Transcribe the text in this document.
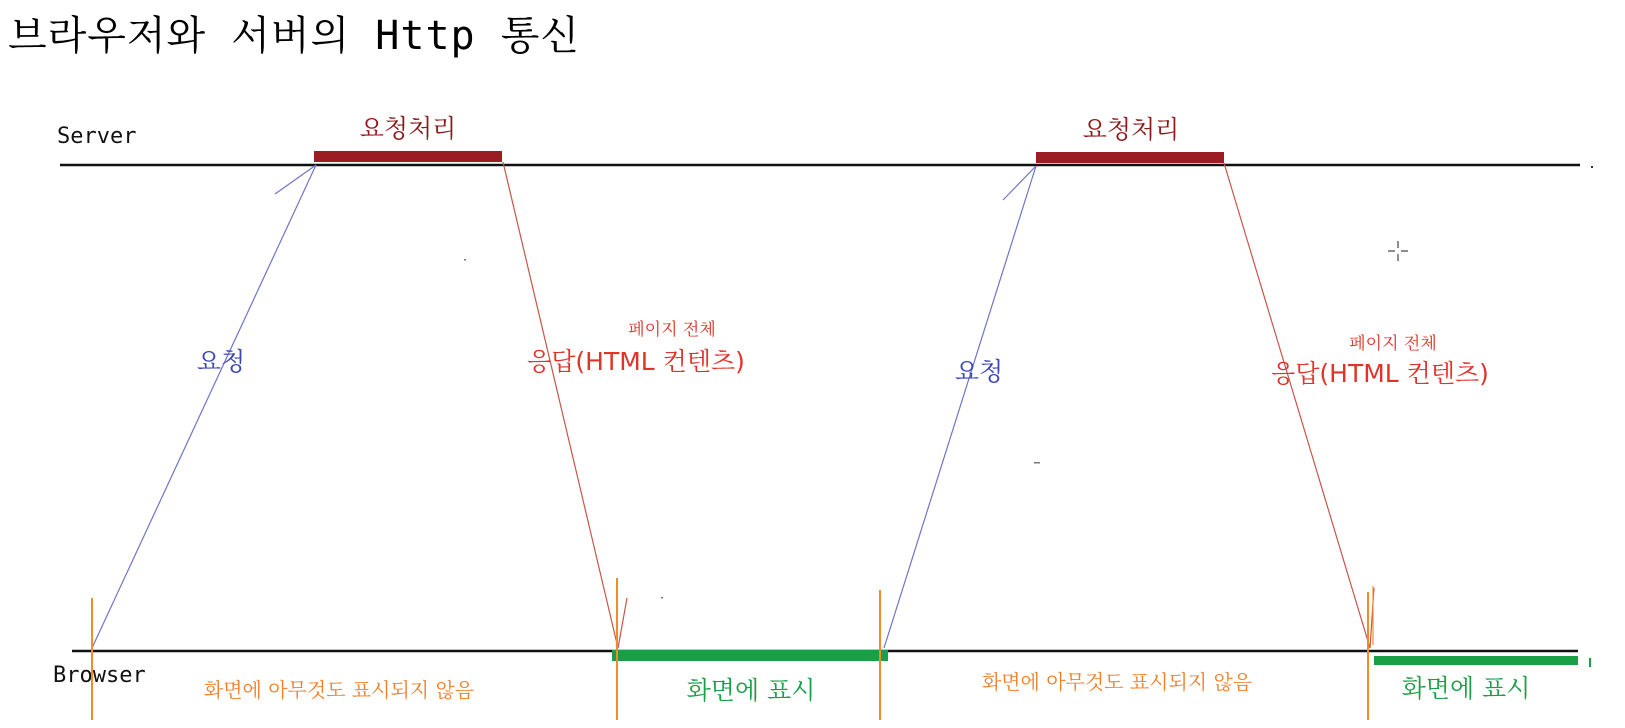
브라우저와 서버의 Http 통신
Server
Browser
요청처리	요청처리
요청	요청
페이지 전체
응답(HTML 컨텐츠)
페이지 전체
응답(HTML 컨텐츠)
화면에 아무것도 표시되지 않음	화면에 표시	화면에 아무것도 표시되지 않음	화면에 표시
